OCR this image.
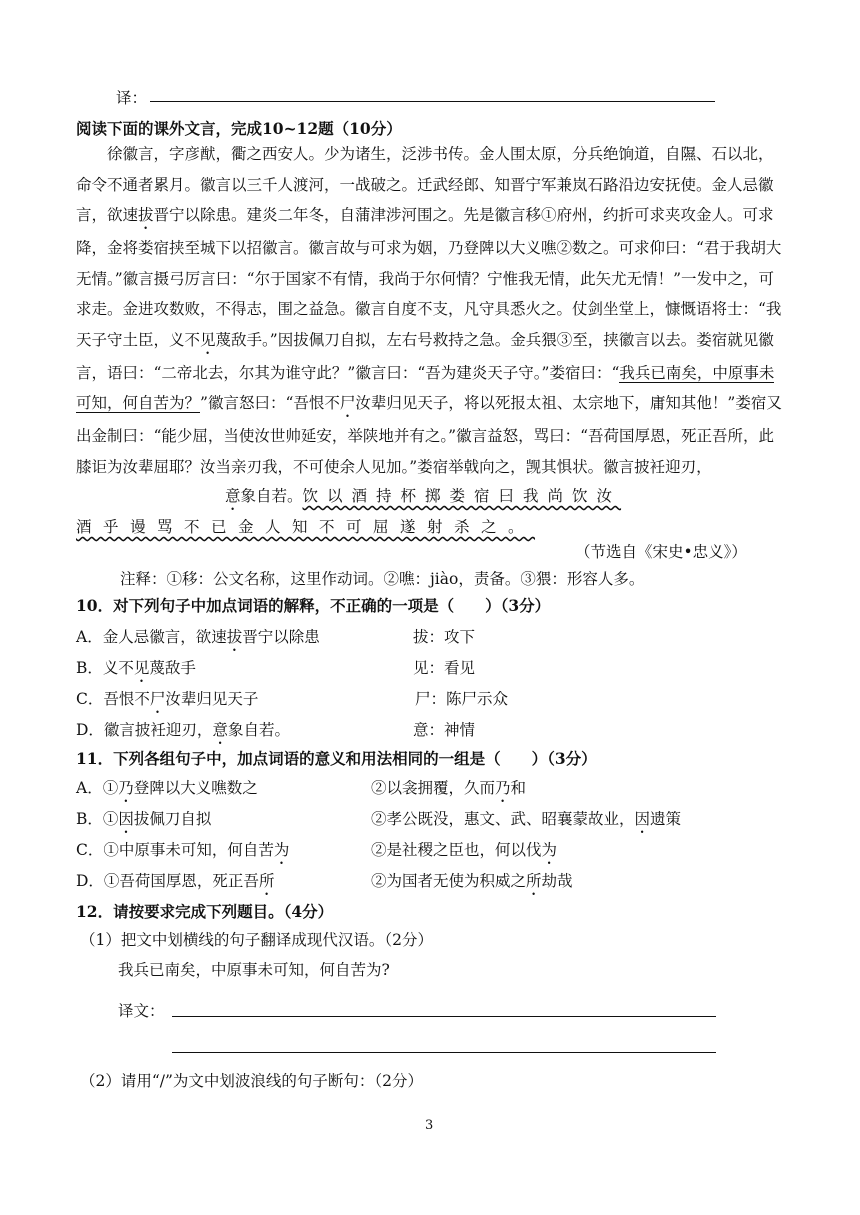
译：
阅读下面的课外文言，完成10~12题（10分）

徐徽言，字彦猷，衢之西安人。少为诸生，泛涉书传。金人围太原，分兵绝饷道，自隰、石以北，命令不通者累月。徽言以三千人渡河，一战破之。迁武经郎、知晋宁军兼岚石路沿边安抚使。金人忌徽言，欲速拔晋宁以除患。建炎二年冬，自蒲津涉河围之。先是徽言移①府州，约折可求夹攻金人。可求降，金将娄宿挟至城下以招徽言。徽言故与可求为姻，乃登陴以大义噍②数之。可求仰曰：“君于我胡大无情。”徽言摄弓厉言曰：“尔于国家不有情，我尚于尔何情？宁惟我无情，此矢尤无情！”一发中之，可求走。金进攻数败，不得志，围之益急。徽言自度不支，凡守具悉火之。仗剑坐堂上，慷慨语将士：“我天子守土臣，义不见蔑敌手。”因拔佩刀自拟，左右号救持之急。金兵猥③至，挟徽言以去。娄宿就见徽言，语曰：“二帝北去，尔其为谁守此？”徽言曰：“吾为建炎天子守。”娄宿曰：“我兵已南矣，中原事未可知，何自苦为？”徽言怒曰：“吾恨不尸汝辈归见天子，将以死报太祖、太宗地下，庸知其他！”娄宿又出金制曰：“能少屈，当使汝世帅延安，举陕地并有之。”徽言益怒，骂曰：“吾荷国厚恩，死正吾所，此膝讵为汝辈屈耶？汝当亲刃我，不可使余人见加。”娄宿举戟向之，觊其惧状。徽言披衽迎刃，

意象自若。饮以酒持杯掷娄宿曰我尚饮汝
酒乎谩骂不已金人知不可屈遂射杀之。
（节选自《宋史•忠义》）
注释：①移：公文名称，这里作动词。②噍：jiào，责备。③猥：形容人多。
10．对下列句子中加点词语的解释，不正确的一项是（　　）（3分）
A．金人忌徽言，欲速拔晋宁以除患	拔：攻下
B．义不见蔑敌手	见：看见
C．吾恨不尸汝辈归见天子	尸：陈尸示众
D．徽言披衽迎刃，意象自若。	意：神情
11．下列各组句子中，加点词语的意义和用法相同的一组是（　　）（3分）
A．①乃登陴以大义噍数之	②以衾拥覆，久而乃和
B．①因拔佩刀自拟	②孝公既没，惠文、武、昭襄蒙故业，因遗策
C．①中原事未可知，何自苦为	②是社稷之臣也，何以伐为
D．①吾荷国厚恩，死正吾所	②为国者无使为积威之所劫哉
12．请按要求完成下列题目。（4分）
（1）把文中划横线的句子翻译成现代汉语。（2分）
我兵已南矣，中原事未可知，何自苦为?
译文：
（2）请用“/”为文中划波浪线的句子断句：（2分）
3
